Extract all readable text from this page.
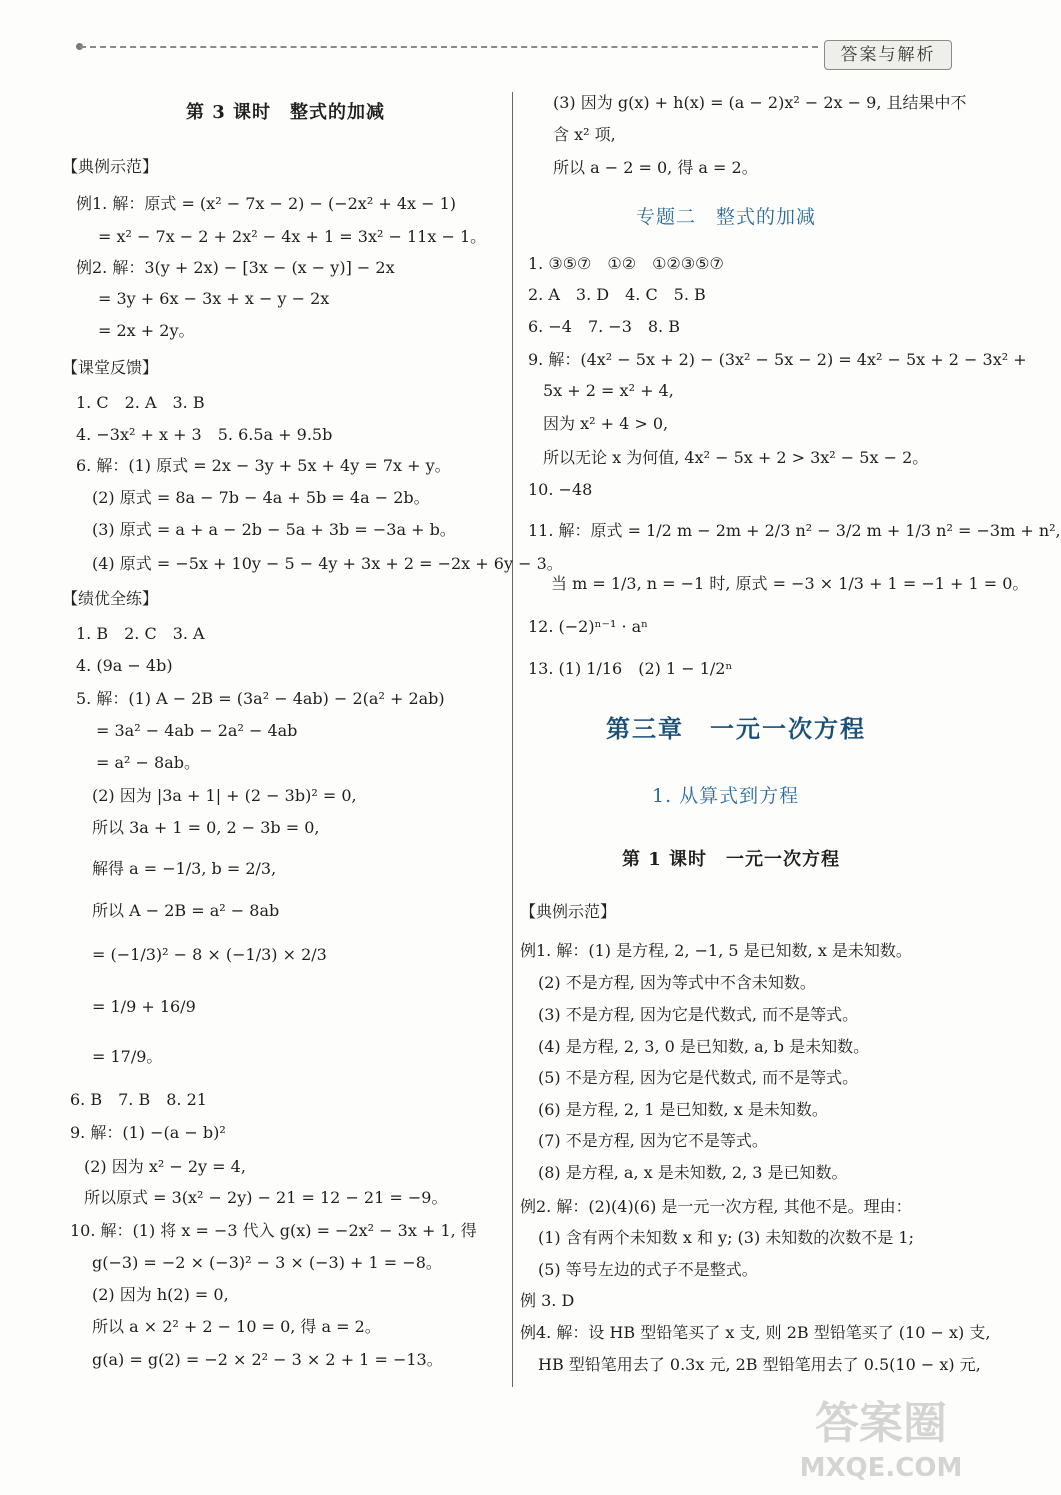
答案与解析
第 3 课时　整式的加减
【典例示范】
例1. 解：原式 = (x² − 7x − 2) − (−2x² + 4x − 1)
= x² − 7x − 2 + 2x² − 4x + 1 = 3x² − 11x − 1。
例2. 解：3(y + 2x) − [3x − (x − y)] − 2x
= 3y + 6x − 3x + x − y − 2x
= 2x + 2y。
【课堂反馈】
1. C　2. A　3. B
4. −3x² + x + 3　5. 6.5a + 9.5b
6. 解：(1) 原式 = 2x − 3y + 5x + 4y = 7x + y。
(2) 原式 = 8a − 7b − 4a + 5b = 4a − 2b。
(3) 原式 = a + a − 2b − 5a + 3b = −3a + b。
(4) 原式 = −5x + 10y − 5 − 4y + 3x + 2 = −2x + 6y − 3。
【绩优全练】
1. B　2. C　3. A
4. (9a − 4b)
5. 解：(1) A − 2B = (3a² − 4ab) − 2(a² + 2ab)
= 3a² − 4ab − 2a² − 4ab
= a² − 8ab。
(2) 因为 |3a + 1| + (2 − 3b)² = 0,
所以 3a + 1 = 0, 2 − 3b = 0,
解得 a = −1/3, b = 2/3,
所以 A − 2B = a² − 8ab
= (−1/3)² − 8 × (−1/3) × 2/3
= 1/9 + 16/9
= 17/9。
6. B　7. B　8. 21
9. 解：(1) −(a − b)²
(2) 因为 x² − 2y = 4,
所以原式 = 3(x² − 2y) − 21 = 12 − 21 = −9。
10. 解：(1) 将 x = −3 代入 g(x) = −2x² − 3x + 1, 得
g(−3) = −2 × (−3)² − 3 × (−3) + 1 = −8。
(2) 因为 h(2) = 0,
所以 a × 2² + 2 − 10 = 0, 得 a = 2。
g(a) = g(2) = −2 × 2² − 3 × 2 + 1 = −13。
(3) 因为 g(x) + h(x) = (a − 2)x² − 2x − 9, 且结果中不
含 x² 项,
所以 a − 2 = 0, 得 a = 2。
专题二　整式的加减
1. ③⑤⑦　①②　①②③⑤⑦
2. A　3. D　4. C　5. B
6. −4　7. −3　8. B
9. 解：(4x² − 5x + 2) − (3x² − 5x − 2) = 4x² − 5x + 2 − 3x² +
5x + 2 = x² + 4,
因为 x² + 4 > 0,
所以无论 x 为何值, 4x² − 5x + 2 > 3x² − 5x − 2。
10. −48
11. 解：原式 = 1/2 m − 2m + 2/3 n² − 3/2 m + 1/3 n² = −3m + n²,
当 m = 1/3, n = −1 时, 原式 = −3 × 1/3 + 1 = −1 + 1 = 0。
12. (−2)ⁿ⁻¹ · aⁿ
13. (1) 1/16　(2) 1 − 1/2ⁿ
第三章　一元一次方程
1. 从算式到方程
第 1 课时　一元一次方程
【典例示范】
例1. 解：(1) 是方程, 2, −1, 5 是已知数, x 是未知数。
(2) 不是方程, 因为等式中不含未知数。
(3) 不是方程, 因为它是代数式, 而不是等式。
(4) 是方程, 2, 3, 0 是已知数, a, b 是未知数。
(5) 不是方程, 因为它是代数式, 而不是等式。
(6) 是方程, 2, 1 是已知数, x 是未知数。
(7) 不是方程, 因为它不是等式。
(8) 是方程, a, x 是未知数, 2, 3 是已知数。
例2. 解：(2)(4)(6) 是一元一次方程, 其他不是。理由：
(1) 含有两个未知数 x 和 y; (3) 未知数的次数不是 1;
(5) 等号左边的式子不是整式。
例 3. D
例4. 解：设 HB 型铅笔买了 x 支, 则 2B 型铅笔买了 (10 − x) 支,
HB 型铅笔用去了 0.3x 元, 2B 型铅笔用去了 0.5(10 − x) 元,
答案圈
MXQE.COM
